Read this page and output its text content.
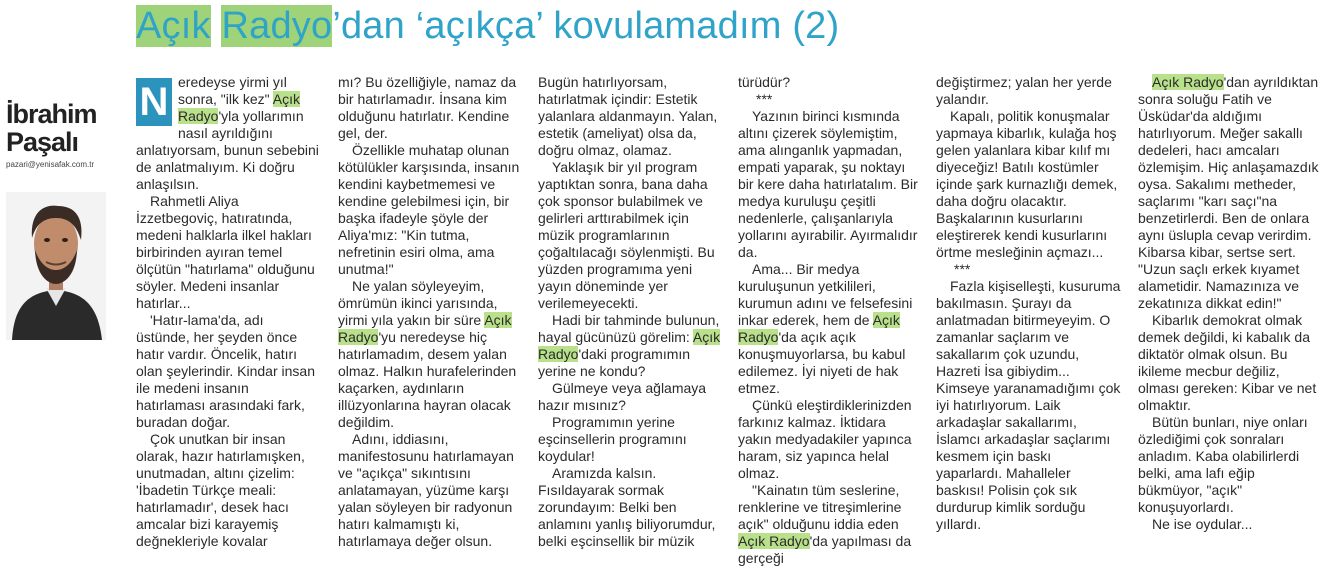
Açık Radyo’dan ‘açıkça’ kovulamadım (2)
İbrahim
Paşalı
pazari@yenisafak.com.tr

N eredeyse yirmi yıl sonra, "ilk kez" Açık Radyo'yla yollarımın nasıl ayrıldığını anlatıyorsam, bunun sebebini de anlatmalıyım. Ki doğru anlaşılsın.

Rahmetli Aliya İzzetbegoviç, hatıratında, medeni halklarla ilkel hakları birbirinden ayıran temel ölçütün "hatırlama" olduğunu söyler. Medeni insanlar hatırlar...

'Hatır-lama'da, adı üstünde, her şeyden önce hatır vardır. Öncelik, hatırı olan şeylerindir. Kindar insan ile medeni insanın hatırlaması arasındaki fark, buradan doğar.

Çok unutkan bir insan olarak, hazır hatırlamışken, unutmadan, altını çizelim: 'İbadetin Türkçe meali: hatırlamadır', desek hacı amcalar bizi karayemiş değnekleriyle kovalar

mı? Bu özelliğiyle, namaz da bir hatırlamadır. İnsana kim olduğunu hatırlatır. Kendine gel, der.

Özellikle muhatap olunan kötülükler karşısında, insanın kendini kaybetmemesi ve kendine gelebilmesi için, bir başka ifadeyle şöyle der Aliya'mız: "Kin tutma, nefretinin esiri olma, ama unutma!"

Ne yalan söyleyeyim, ömrümün ikinci yarısında, yirmi yıla yakın bir süre Açık Radyo'yu neredeyse hiç hatırlamadım, desem yalan olmaz. Halkın hurafelerinden kaçarken, aydınların illüzyonlarına hayran olacak değildim.

Adını, iddiasını, manifestosunu hatırlamayan ve "açıkça" sıkıntısını anlatamayan, yüzüme karşı yalan söyleyen bir radyonun hatırı kalmamıştı ki, hatırlamaya değer olsun.

Bugün hatırlıyorsam, hatırlatmak içindir: Estetik yalanlara aldanmayın. Yalan, estetik (ameliyat) olsa da, doğru olmaz, olamaz.

Yaklaşık bir yıl program yaptıktan sonra, bana daha çok sponsor bulabilmek ve gelirleri arttırabilmek için müzik programlarının çoğaltılacağı söylenmişti. Bu yüzden programıma yeni yayın döneminde yer verilemeyecekti.

Hadi bir tahminde bulunun, hayal gücünüzü görelim: Açık Radyo'daki programımın yerine ne kondu?

Gülmeye veya ağlamaya hazır mısınız?

Programımın yerine eşcinsellerin programını koydular!

Aramızda kalsın. Fısıldayarak sormak zorundayım: Belki ben anlamını yanlış biliyorumdur, belki eşcinsellik bir müzik

türüdür?

***

Yazının birinci kısmında altını çizerek söylemiştim, ama alınganlık yapmadan, empati yaparak, şu noktayı bir kere daha hatırlatalım. Bir medya kuruluşu çeşitli nedenlerle, çalışanlarıyla yollarını ayırabilir. Ayırmalıdır da.

Ama... Bir medya kuruluşunun yetkilileri, kurumun adını ve felsefesini inkar ederek, hem de Açık Radyo'da açık açık konuşmuyorlarsa, bu kabul edilemez. İyi niyeti de hak etmez.

Çünkü eleştirdiklerinizden farkınız kalmaz. İktidara yakın medyadakiler yapınca haram, siz yapınca helal olmaz.

"Kainatın tüm seslerine, renklerine ve titreşimlerine açık" olduğunu iddia eden Açık Radyo'da yapılması da gerçeği

değiştirmez; yalan her yerde yalandır.

Kapalı, politik konuşmalar yapmaya kibarlık, kulağa hoş gelen yalanlara kibar kılıf mı diyeceğiz! Batılı kostümler içinde şark kurnazlığı demek, daha doğru olacaktır. Başkalarının kusurlarını eleştirerek kendi kusurlarını örtme mesleğinin açmazı...

***

Fazla kişiselleşti, kusuruma bakılmasın. Şurayı da anlatmadan bitirmeyeyim. O zamanlar saçlarım ve sakallarım çok uzundu, Hazreti İsa gibiydim... Kimseye yaranamadığımı çok iyi hatırlıyorum. Laik arkadaşlar sakallarımı, İslamcı arkadaşlar saçlarımı kesmem için baskı yaparlardı. Mahalleler baskısı! Polisin çok sık durdurup kimlik sorduğu yıllardı.

Açık Radyo'dan ayrıldıktan sonra soluğu Fatih ve Üsküdar'da aldığımı hatırlıyorum. Meğer sakallı dedeleri, hacı amcaları özlemişim. Hiç anlaşamazdık oysa. Sakalımı metheder, saçlarımı "karı saçı"na benzetirlerdi. Ben de onlara aynı üslupla cevap verirdim. Kibarsa kibar, sertse sert. "Uzun saçlı erkek kıyamet alametidir. Namazınıza ve zekatınıza dikkat edin!"

Kibarlık demokrat olmak demek değildi, ki kabalık da diktatör olmak olsun. Bu ikileme mecbur değiliz, olması gereken: Kibar ve net olmaktır.

Bütün bunları, niye onları özlediğimi çok sonraları anladım. Kaba olabilirlerdi belki, ama lafı eğip bükmüyor, "açık" konuşuyorlardı.

Ne ise oydular...
